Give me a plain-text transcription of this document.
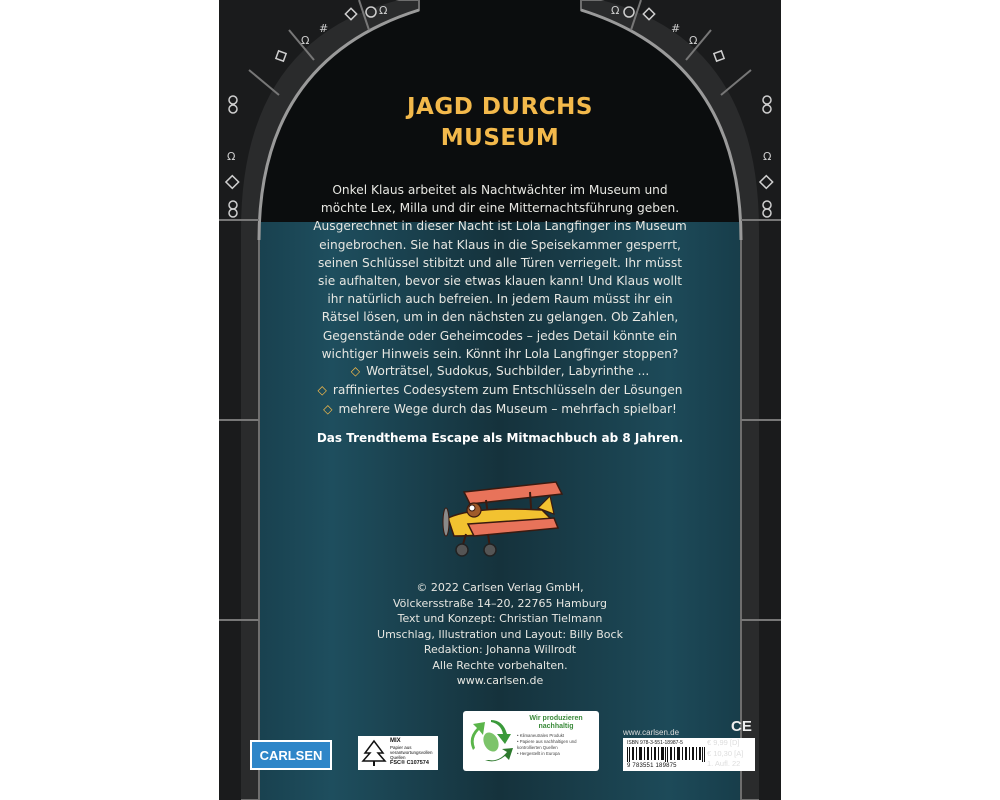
Ω
#
Ω
Ω
#
Ω
Ω	Ω
JAGD DURCHS
MUSEUM
Onkel Klaus arbeitet als Nachtwächter im Museum und möchte Lex, Milla und dir eine Mitternachtsführung geben. Ausgerechnet in dieser Nacht ist Lola Langfinger ins Museum eingebrochen. Sie hat Klaus in die Speisekammer gesperrt, seinen Schlüssel stibitzt und alle Türen verriegelt. Ihr müsst sie aufhalten, bevor sie etwas klauen kann! Und Klaus wollt ihr natürlich auch befreien. In jedem Raum müsst ihr ein Rätsel lösen, um in den nächsten zu gelangen. Ob Zahlen, Gegenstände oder Geheimcodes – jedes Detail könnte ein wichtiger Hinweis sein. Könnt ihr Lola Langfinger stoppen?
◇ Worträtsel, Sudokus, Suchbilder, Labyrinthe ...
◇ raffiniertes Codesystem zum Entschlüsseln der Lösungen
◇ mehrere Wege durch das Museum – mehrfach spielbar!
Das Trendthema Escape als Mitmachbuch ab 8 Jahren.
© 2022 Carlsen Verlag GmbH,
Völckersstraße 14–20, 22765 Hamburg
Text und Konzept: Christian Tielmann
Umschlag, Illustration und Layout: Billy Bock
Redaktion: Johanna Willrodt
Alle Rechte vorbehalten.
www.carlsen.de
CARLSEN
MIX
Papier aus verantwortungsvollen Quellen
FSC® C107574
Wir produzieren nachhaltig
• Klimaneutrales Produkt
• Papiere aus nachhaltigen und kontrollierten Quellen
• Hergestellt in Europa
www.carlsen.de	CE
ISBN 978-3-551-18987-5
9 783551 189875
€ 9,99 [D]
€ 10,30 [A]
1. Aufl. 22
